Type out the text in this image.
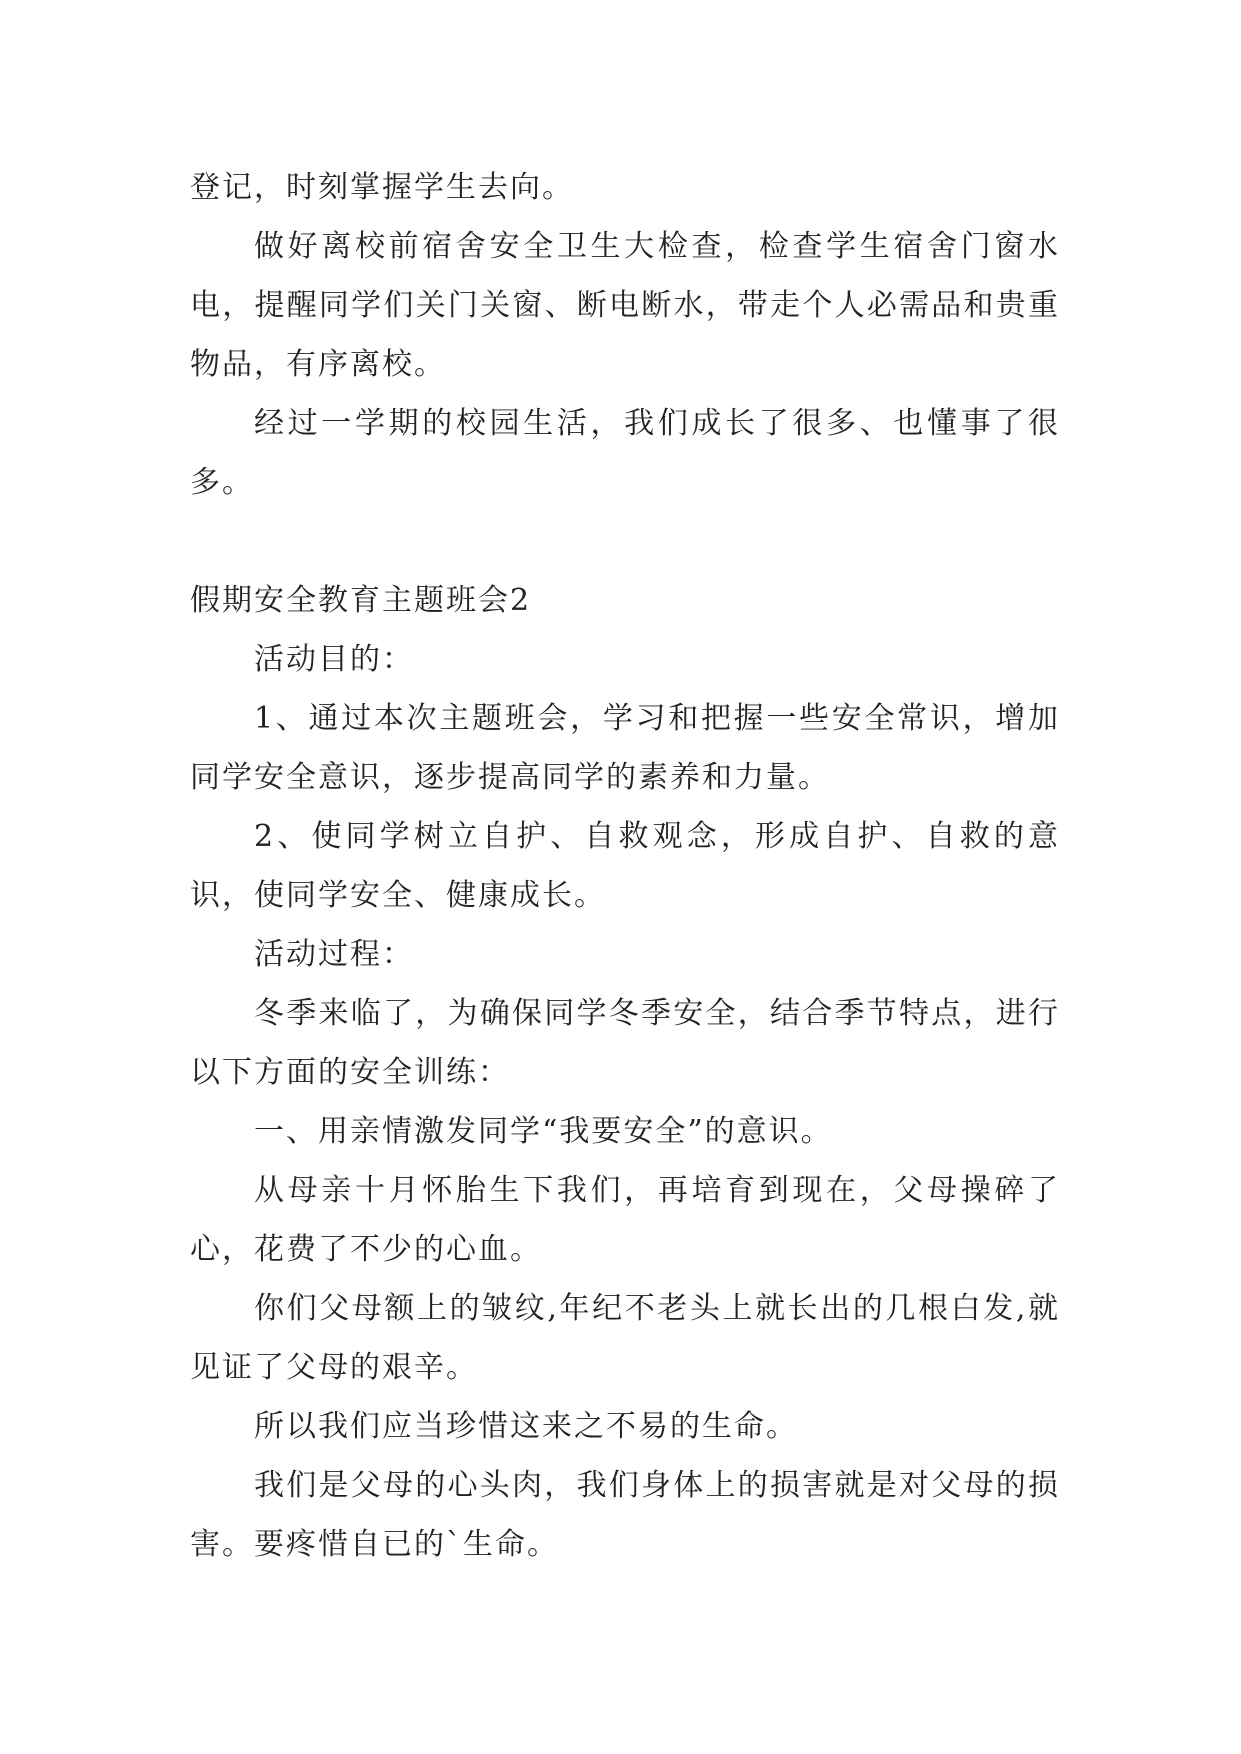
登记，时刻掌握学生去向。

做好离校前宿舍安全卫生大检查，检查学生宿舍门窗水电，提醒同学们关门关窗、断电断水，带走个人必需品和贵重物品，有序离校。

经过一学期的校园生活，我们成长了很多、也懂事了很多。

假期安全教育主题班会2

活动目的：

1、通过本次主题班会，学习和把握一些安全常识，增加同学安全意识，逐步提高同学的素养和力量。

2、使同学树立自护、自救观念，形成自护、自救的意识，使同学安全、健康成长。

活动过程：

冬季来临了，为确保同学冬季安全，结合季节特点，进行以下方面的安全训练：

一、用亲情激发同学“我要安全”的意识。

从母亲十月怀胎生下我们，再培育到现在，父母操碎了心，花费了不少的心血。

你们父母额上的皱纹,年纪不老头上就长出的几根白发,就见证了父母的艰辛。

所以我们应当珍惜这来之不易的生命。

我们是父母的心头肉，我们身体上的损害就是对父母的损害。要疼惜自已的`生命。
